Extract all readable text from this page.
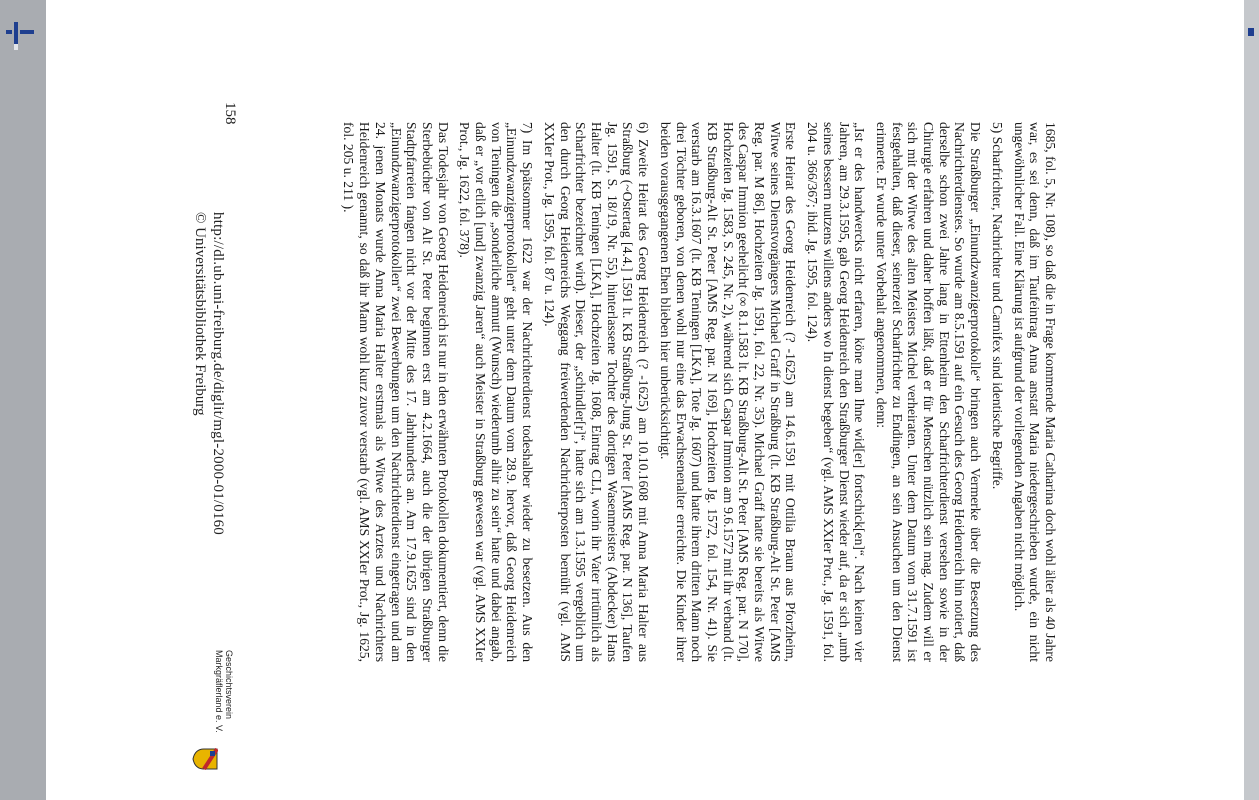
1685, fol. 5, Nr. 108), so daß die in Frage kommende Maria Catharina doch wohl älter als 40 Jahre war, es sei denn, daß im Taufeintrag Anna anstatt Maria niedergeschrieben wurde, ein nicht ungewöhnlicher Fall. Eine Klärung ist aufgrund der vorliegenden Angaben nicht möglich.

5) Scharfrichter, Nachrichter und Carnifex sind identische Begriffe.

Die Straßburger „Einundzwanzigerprotokolle“ bringen auch Vermerke über die Besetzung des Nachrichterdienstes. So wurde am 8.5.1591 auf ein Gesuch des Georg Heidenreich hin notiert, daß derselbe schon zwei Jahre lang in Ettenheim den Scharfrichterdienst versehen sowie in der Chirurgie erfahren und daher hoffen läßt, daß er für Menschen nützlich sein mag. Zudem will er sich mit der Witwe des alten Meisters Michel verheiraten. Unter dem Datum vom 31.7.1591 ist festgehalten, daß dieser, seinerzeit Scharfrichter zu Endingen, an sein Ansuchen um den Dienst erinnerte. Er wurde unter Vorbehalt angenommen, denn:

„Ist er des handwercks nicht erfaren, köne man Ihne wid[er] fortschick[en]“. Nach keinen vier Jahren, am 29.3.1595, gab Georg Heidenreich den Straßburger Dienst wieder auf, da er sich „umb seines bessern nutzens willens anders wo In dienst begeben“ (vgl. AMS XXIer Prot., Jg. 1591, fol. 204 u. 366/367; ibid. Jg. 1595, fol. 124).

Erste Heirat des Georg Heidenreich (? -1625) am 14.6.1591 mit Ottilia Braun aus Pforzheim, Witwe seines Dienstvorgängers Michael Graff in Straßburg (lt. KB Straßburg-Alt St. Peter [AMS Reg. par. M 86], Hochzeiten Jg. 1591, fol. 22, Nr. 35). Michael Graff hatte sie bereits als Witwe des Caspar Immion geehelicht (∞ 8.1.1583 lt. KB Straßburg-Alt St. Peter [AMS Reg. par. N 170], Hochzeiten Jg. 1583, S. 245, Nr. 2), während sich Caspar Immion am 9.6.1572 mit ihr verband (lt. KB Straßburg-Alt St. Peter [AMS Reg. par. N 169], Hochzeiten Jg. 1572, fol. 154, Nr. 41). Sie verstarb am 16.3.1607 (lt. KB Teningen [LKA], Tote Jg. 1607) und hatte ihrem dritten Mann noch drei Töchter geboren, von denen wohl nur eine das Erwachsenenalter erreichte. Die Kinder ihrer beiden vorausgegangenen Ehen blieben hier unberücksichtigt.

6) Zweite Heirat des Georg Heidenreich (? -1625) am 10.10.1608 mit Anna Maria Halter aus Straßburg (~Ostertag [4.4.] 1591 lt. KB Straßburg-Jung St. Peter [AMS Reg. par. N 136], Taufen Jg. 1591, S. 18/19, Nr. 55), hinterlassene Tochter des dortigen Wasenmeisters (Abdecker) Hans Halter (lt. KB Teningen [LKA], Hochzeiten Jg. 1608, Eintrag CLI, worin ihr Vater irrtümlich als Scharfrichter bezeichnet wird). Dieser, der „schindler[r]“, hatte sich am 1.3.1595 vergeblich um den durch Georg Heidenreichs Weggang freiwerdenden Nachrichterposten bemüht (vgl. AMS XXIer Prot., Jg. 1595, fol. 87 u. 124).

7) Im Spätsommer 1622 war der Nachrichterdienst todeshalber wieder zu besetzen. Aus den „Einundzwanzigerprotokollen“ geht unter dem Datum vom 28.9. hervor, daß Georg Heidenreich von Teningen die „sonderliche anmutt (Wunsch) wiederumb alhir zu sein“ hatte und dabei angab, daß er „vor etlich [und] zwanzig Jaren“ auch Meister in Straßburg gewesen war (vgl. AMS XXIer Prot., Jg. 1622, fol. 378).

Das Todesjahr von Georg Heidenreich ist nur in den erwähnten Protokollen dokumentiert, denn die Sterbebücher von Alt St. Peter beginnen erst am 4.2.1664, auch die der übrigen Straßburger Stadtpfarreien fangen nicht vor der Mitte des 17. Jahrhunderts an. Am 17.9.1625 sind in den „Einundzwanzigerprotokollen“ zwei Bewerbungen um den Nachrichterdienst eingetragen und am 24. jenen Monats wurde Anna Maria Halter erstmals als Witwe des Arztes und Nachrichters Heidenreich genannt, so daß ihr Mann wohl kurz zuvor verstarb (vgl. AMS XXIer Prot., Jg. 1625, fol. 205 u. 211 ).

158
http://dl.ub.uni-freiburg.de/diglit/mgl-2000-01/0160
© Universitätsbibliothek Freiburg
Geschichtsverein
Markgräflerland e. V.
